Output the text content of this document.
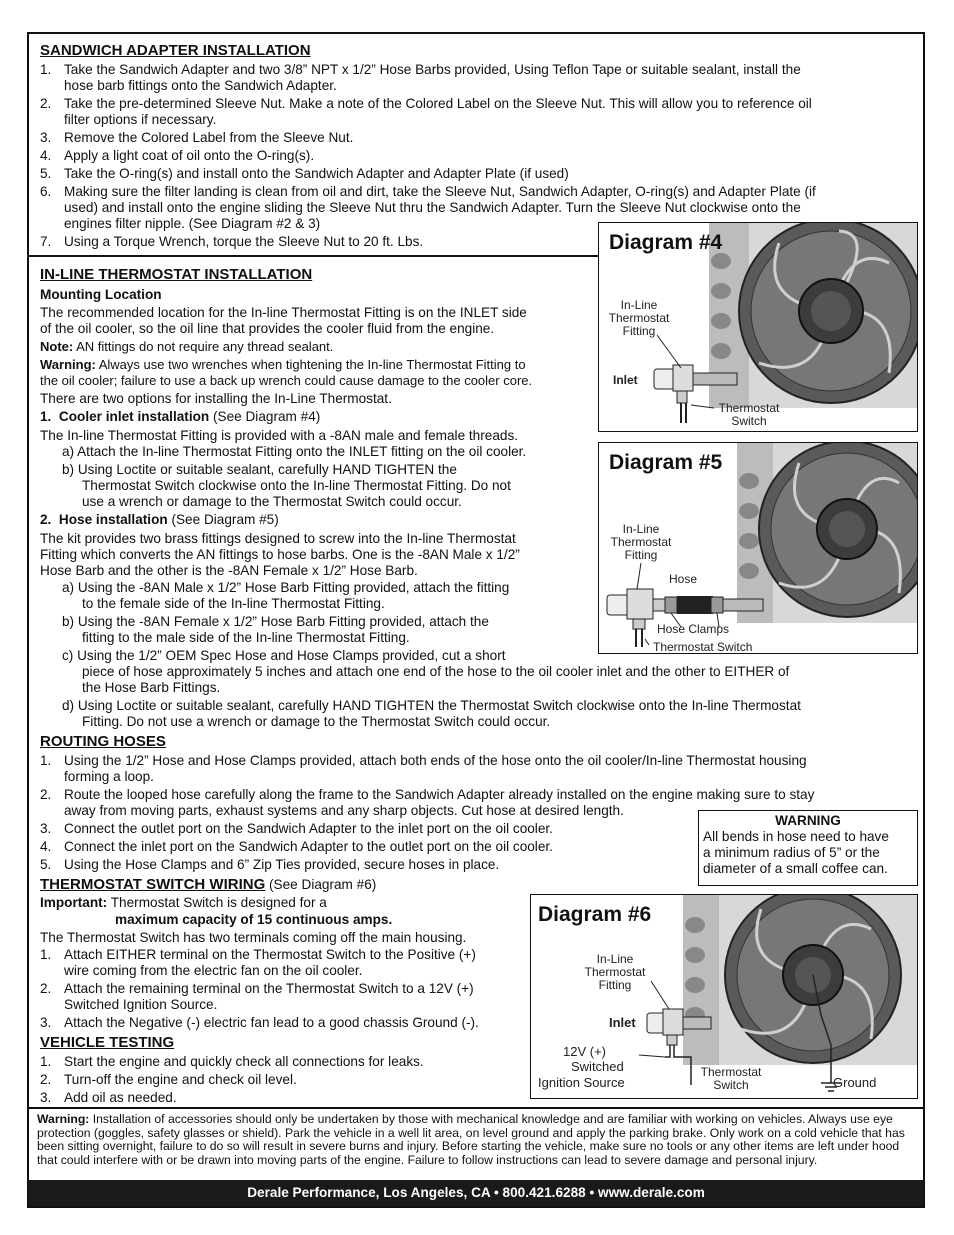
SANDWICH ADAPTER INSTALLATION
1. Take the Sandwich Adapter and two 3/8” NPT x 1/2” Hose Barbs provided, Using Teflon Tape or suitable sealant, install the
hose barb fittings onto the Sandwich Adapter.
2. Take the pre-determined Sleeve Nut. Make a note of the Colored Label on the Sleeve Nut. This will allow you to reference oil
filter options if necessary.
3. Remove the Colored Label from the Sleeve Nut.
4. Apply a light coat of oil onto the O-ring(s).
5. Take the O-ring(s) and install onto the Sandwich Adapter and Adapter Plate (if used)
6. Making sure the filter landing is clean from oil and dirt, take the Sleeve Nut, Sandwich Adapter, O-ring(s) and Adapter Plate (if
used) and install onto the engine sliding the Sleeve Nut thru the Sandwich Adapter. Turn the Sleeve Nut clockwise onto the
engines filter nipple. (See Diagram #2 & 3)
7. Using a Torque Wrench, torque the Sleeve Nut to 20 ft. Lbs.
IN-LINE THERMOSTAT INSTALLATION
Mounting Location
The recommended location for the In-line Thermostat Fitting is on the INLET side
of the oil cooler, so the oil line that provides the cooler fluid from the engine.
Note: AN fittings do not require any thread sealant.
Warning: Always use two wrenches when tightening the In-line Thermostat Fitting to
the oil cooler; failure to use a back up wrench could cause damage to the cooler core.
There are two options for installing the In-Line Thermostat.
1. Cooler inlet installation (See Diagram #4)
The In-line Thermostat Fitting is provided with a -8AN male and female threads.
a) Attach the In-line Thermostat Fitting onto the INLET fitting on the oil cooler.
b) Using Loctite or suitable sealant, carefully HAND TIGHTEN the
Thermostat Switch clockwise onto the In-line Thermostat Fitting. Do not
use a wrench or damage to the Thermostat Switch could occur.
2. Hose installation (See Diagram #5)
The kit provides two brass fittings designed to screw into the In-line Thermostat
Fitting which converts the AN fittings to hose barbs. One is the -8AN Male x 1/2”
Hose Barb and the other is the -8AN Female x 1/2” Hose Barb.
a) Using the -8AN Male x 1/2” Hose Barb Fitting provided, attach the fitting
to the female side of the In-line Thermostat Fitting.
b) Using the -8AN Female x 1/2” Hose Barb Fitting provided, attach the
fitting to the male side of the In-line Thermostat Fitting.
c) Using the 1/2” OEM Spec Hose and Hose Clamps provided, cut a short
piece of hose approximately 5 inches and attach one end of the hose to the oil cooler inlet and the other to EITHER of
the Hose Barb Fittings.
d) Using Loctite or suitable sealant, carefully HAND TIGHTEN the Thermostat Switch clockwise onto the In-line Thermostat
Fitting. Do not use a wrench or damage to the Thermostat Switch could occur.
ROUTING HOSES
1. Using the 1/2” Hose and Hose Clamps provided, attach both ends of the hose onto the oil cooler/In-line Thermostat housing
forming a loop.
2. Route the looped hose carefully along the frame to the Sandwich Adapter already installed on the engine making sure to stay
away from moving parts, exhaust systems and any sharp objects. Cut hose at desired length.
3. Connect the outlet port on the Sandwich Adapter to the inlet port on the oil cooler.
4. Connect the inlet port on the Sandwich Adapter to the outlet port on the oil cooler.
5. Using the Hose Clamps and 6” Zip Ties provided, secure hoses in place.
WARNING
All bends in hose need to have
a minimum radius of 5” or the
diameter of a small coffee can.
THERMOSTAT SWITCH WIRING (See Diagram #6)
Important: Thermostat Switch is designed for a
maximum capacity of 15 continuous amps.
The Thermostat Switch has two terminals coming off the main housing.
1. Attach EITHER terminal on the Thermostat Switch to the Positive (+)
wire coming from the electric fan on the oil cooler.
2. Attach the remaining terminal on the Thermostat Switch to a 12V (+)
Switched Ignition Source.
3. Attach the Negative (-) electric fan lead to a good chassis Ground (-).
VEHICLE TESTING
1. Start the engine and quickly check all connections for leaks.
2. Turn-off the engine and check oil level.
3. Add oil as needed.
Warning: Installation of accessories should only be undertaken by those with mechanical knowledge and are familiar with working on vehicles. Always use eye protection (goggles, safety glasses or shield). Park the vehicle in a well lit area, on level ground and apply the parking brake. Only work on a cold vehicle that has been sitting overnight, failure to do so will result in severe burns and injury. Before starting the vehicle, make sure no tools or any other items are left under hood that could interfere with or be drawn into moving parts of the engine. Failure to follow instructions can lead to severe damage and personal injury.
Derale Performance, Los Angeles, CA • 800.421.6288 • www.derale.com
Diagram #4
In-Line
Thermostat
Fitting
Inlet
Thermostat
Switch
Diagram #5
In-Line
Thermostat
Fitting
Hose
Hose Clamps
Thermostat Switch
Diagram #6
In-Line
Thermostat
Fitting
Inlet
12V (+)
Switched
Ignition Source
Thermostat
Switch	Ground
